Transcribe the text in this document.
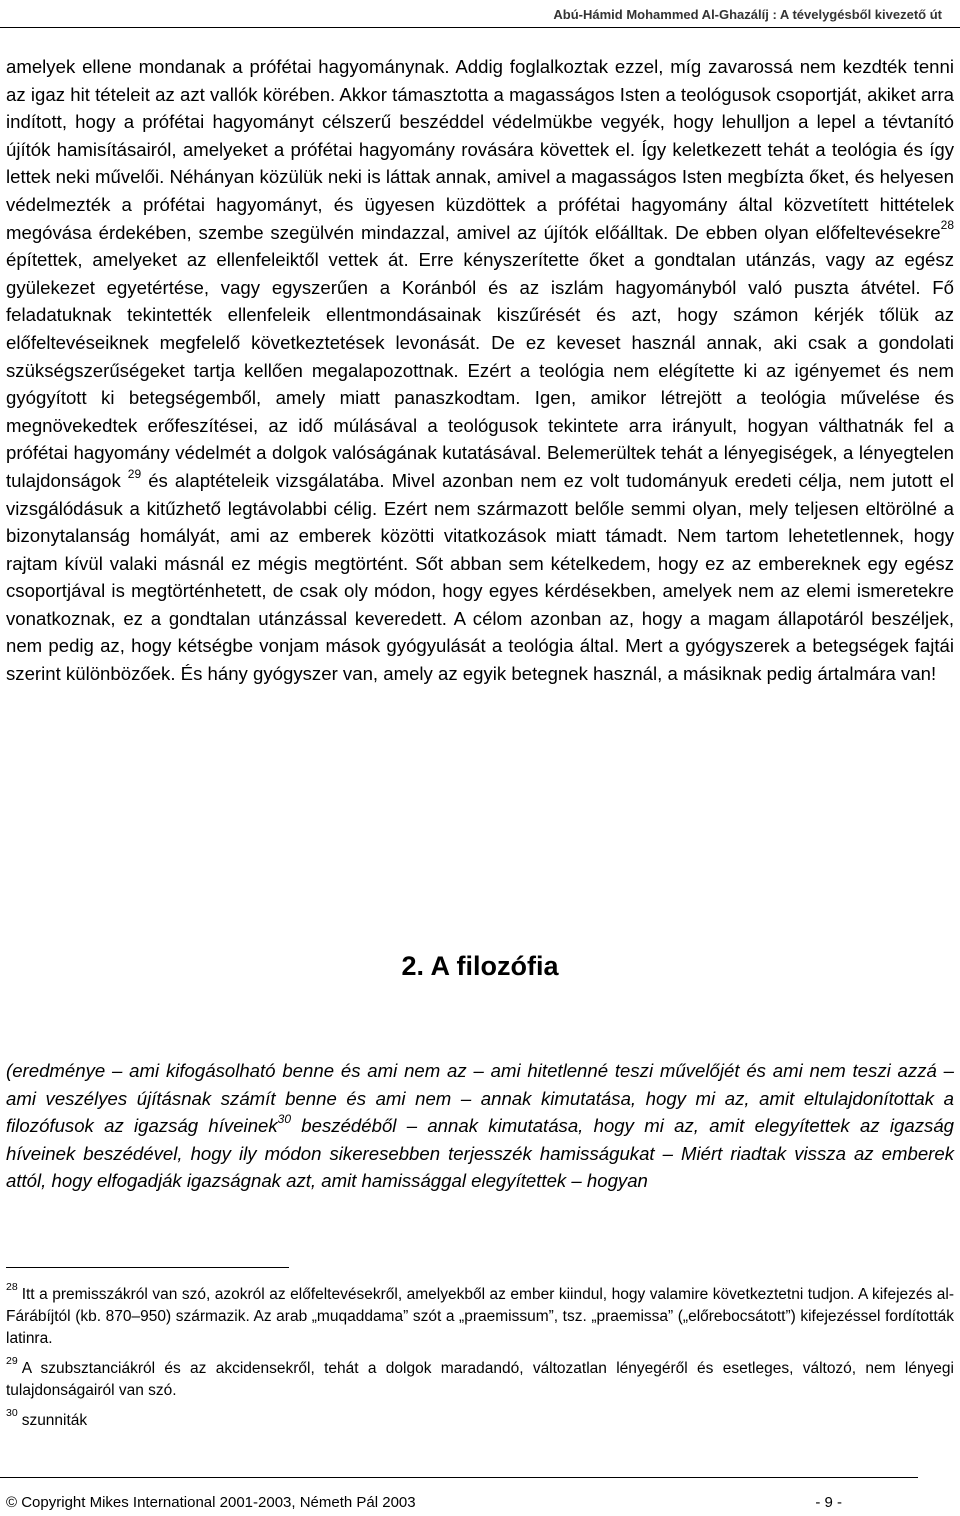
Abú-Hámid Mohammed Al-Ghazálíj : A tévelygésből kivezető út

amelyek ellene mondanak a prófétai hagyománynak. Addig foglalkoztak ezzel, míg zavarossá nem kezdték tenni az igaz hit tételeit az azt vallók körében. Akkor támasztotta a magasságos Isten a teológusok csoportját, akiket arra indított, hogy a prófétai hagyományt célszerű beszéddel védelmükbe vegyék, hogy lehulljon a lepel a tévtanító újítók hamisításairól, amelyeket a prófétai hagyomány rovására követtek el. Így keletkezett tehát a teológia és így lettek neki művelői. Néhányan közülük neki is láttak annak, amivel a magasságos Isten megbízta őket, és helyesen védelmezték a prófétai hagyományt, és ügyesen küzdöttek a prófétai hagyomány által közvetített hittételek megóvása érdekében, szembe szegülvén mindazzal, amivel az újítók előálltak. De ebben olyan előfeltevésekre$^{28}$ építettek, amelyeket az ellenfeleiktől vettek át. Erre kényszerítette őket a gondtalan utánzás, vagy az egész gyülekezet egyetértése, vagy egyszerűen a Koránból és az iszlám hagyományból való puszta átvétel. Fő feladatuknak tekintették ellenfeleik ellentmondásainak kiszűrését és azt, hogy számon kérjék tőlük az előfeltevéseiknek megfelelő következtetések levonását. De ez keveset használ annak, aki csak a gondolati szükségszerűségeket tartja kellően megalapozottnak. Ezért a teológia nem elégítette ki az igényemet és nem gyógyított ki betegségemből, amely miatt panaszkodtam. Igen, amikor létrejött a teológia művelése és megnövekedtek erőfeszítései, az idő múlásával a teológusok tekintete arra irányult, hogyan válthatnák fel a prófétai hagyomány védelmét a dolgok valóságának kutatásával. Belemerültek tehát a lényegiségek, a lényegtelen tulajdonságok $^{29}$ és alaptételeik vizsgálatába. Mivel azonban nem ez volt tudományuk eredeti célja, nem jutott el vizsgálódásuk a kitűzhető legtávolabbi célig. Ezért nem származott belőle semmi olyan, mely teljesen eltörölné a bizonytalanság homályát, ami az emberek közötti vitatkozások miatt támadt. Nem tartom lehetetlennek, hogy rajtam kívül valaki másnál ez mégis megtörtént. Sőt abban sem kételkedem, hogy ez az embereknek egy egész csoportjával is megtörténhetett, de csak oly módon, hogy egyes kérdésekben, amelyek nem az elemi ismeretekre vonatkoznak, ez a gondtalan utánzással keveredett. A célom azonban az, hogy a magam állapotáról beszéljek, nem pedig az, hogy kétségbe vonjam mások gyógyulását a teológia által. Mert a gyógyszerek a betegségek fajtái szerint különbözőek. És hány gyógyszer van, amely az egyik betegnek használ, a másiknak pedig ártalmára van!

2. A filozófia
(eredménye – ami kifogásolható benne és ami nem az – ami hitetlenné teszi művelőjét és ami nem teszi azzá – ami veszélyes újításnak számít benne és ami nem – annak kimutatása, hogy mi az, amit eltulajdonítottak a filozófusok az igazság híveinek$^{30}$ beszédéből – annak kimutatása, hogy mi az, amit elegyítettek az igazság híveinek beszédével, hogy ily módon sikeresebben terjesszék hamisságukat – Miért riadtak vissza az emberek attól, hogy elfogadják igazságnak azt, amit hamissággal elegyítettek – hogyan

$^{28}$ Itt a premisszákról van szó, azokról az előfeltevésekről, amelyekből az ember kiindul, hogy valamire következtetni tudjon. A kifejezés al-Fárábíjtól (kb. 870–950) származik. Az arab „muqaddama” szót a „praemissum”, tsz. „praemissa” („előrebocsátott”) kifejezéssel fordították latinra.

$^{29}$ A szubsztanciákról és az akcidensekről, tehát a dolgok maradandó, változatlan lényegéről és esetleges, változó, nem lényegi tulajdonságairól van szó.

$^{30}$ szunniták

© Copyright Mikes International 2001-2003, Németh Pál 2003	- 9 -
